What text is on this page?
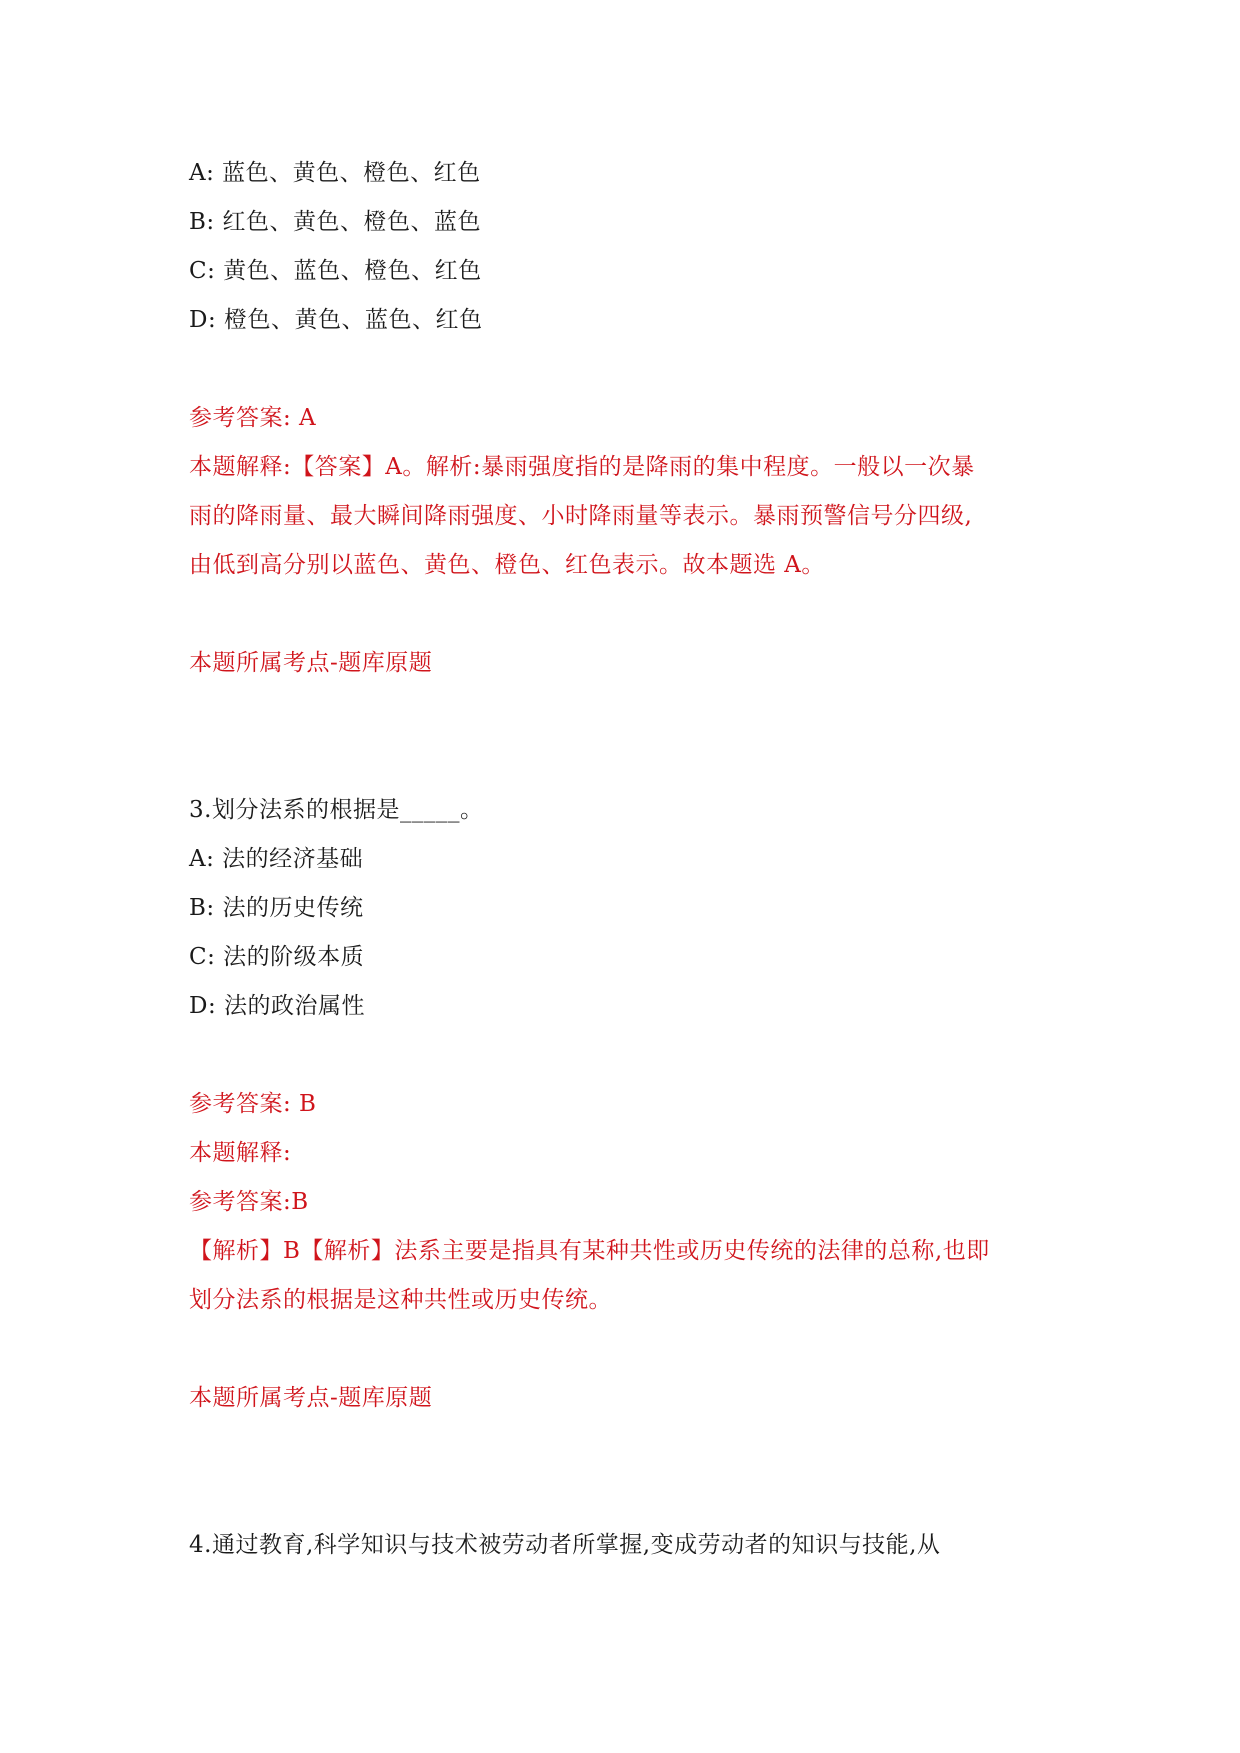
A: 蓝色、黄色、橙色、红色
B: 红色、黄色、橙色、蓝色
C: 黄色、蓝色、橙色、红色
D: 橙色、黄色、蓝色、红色
参考答案: A
本题解释:【答案】A。解析:暴雨强度指的是降雨的集中程度。一般以一次暴
雨的降雨量、最大瞬间降雨强度、小时降雨量等表示。暴雨预警信号分四级,
由低到高分别以蓝色、黄色、橙色、红色表示。故本题选 A。
本题所属考点-题库原题
3.划分法系的根据是_____。
A: 法的经济基础
B: 法的历史传统
C: 法的阶级本质
D: 法的政治属性
参考答案: B
本题解释:
参考答案:B
【解析】B【解析】法系主要是指具有某种共性或历史传统的法律的总称,也即
划分法系的根据是这种共性或历史传统。
本题所属考点-题库原题
4.通过教育,科学知识与技术被劳动者所掌握,变成劳动者的知识与技能,从
